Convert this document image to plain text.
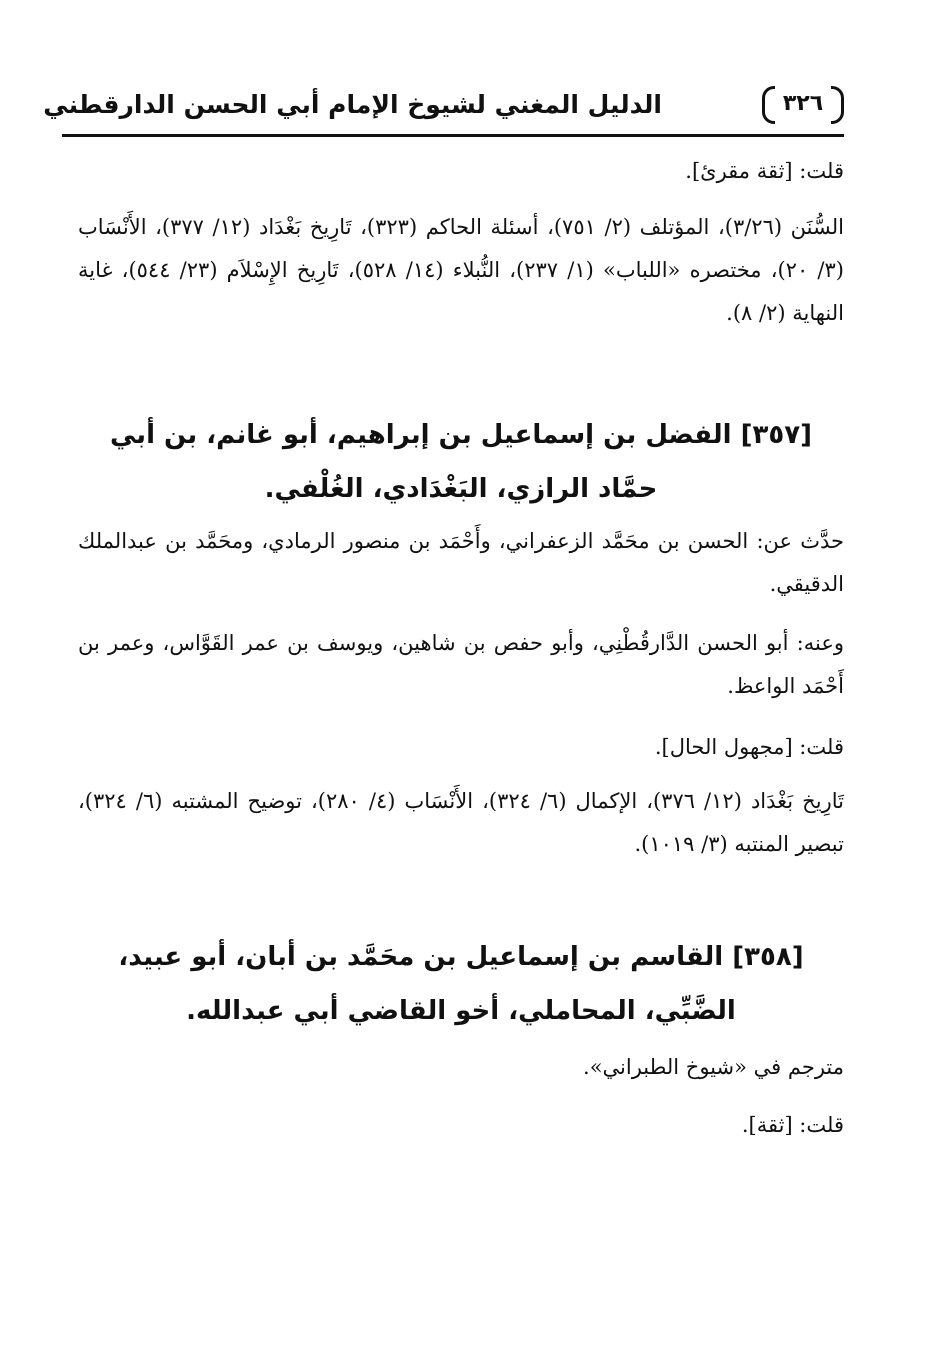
الدليل المغني لشيوخ الإمام أبي الحسن الدارقطني	٣٢٦
قلت: [ثقة مقرئ].
السُّنَن (٣/٢٦)، المؤتلف (٢/ ٧٥١)، أسئلة الحاكم (٣٢٣)، تَارِيخ بَغْدَاد (١٢/ ٣٧٧)، الأَنْسَاب (٣/ ٢٠)، مختصره «اللباب» (١/ ٢٣٧)، النُّبلاء (١٤/ ٥٢٨)، تَارِيخ الإِسْلاَم (٢٣/ ٥٤٤)، غاية النهاية (٢/ ٨).
[٣٥٧] الفضل بن إسماعيل بن إبراهيم، أبو غانم، بن أبي حمَّاد الرازي، البَغْدَادي، الغُلْفي.
حدَّث عن: الحسن بن محَمَّد الزعفراني، وأَحْمَد بن منصور الرمادي، ومحَمَّد بن عبدالملك الدقيقي.
وعنه: أبو الحسن الدَّارقُطْنِي، وأبو حفص بن شاهين، ويوسف بن عمر القَوَّاس، وعمر بن أَحْمَد الواعظ.
قلت: [مجهول الحال].
تَارِيخ بَغْدَاد (١٢/ ٣٧٦)، الإكمال (٦/ ٣٢٤)، الأَنْسَاب (٤/ ٢٨٠)، توضيح المشتبه (٦/ ٣٢٤)، تبصير المنتبه (٣/ ١٠١٩).
[٣٥٨] القاسم بن إسماعيل بن محَمَّد بن أبان، أبو عبيد، الضَّبِّي، المحاملي، أخو القاضي أبي عبدالله.
مترجم في «شيوخ الطبراني».
قلت: [ثقة].
